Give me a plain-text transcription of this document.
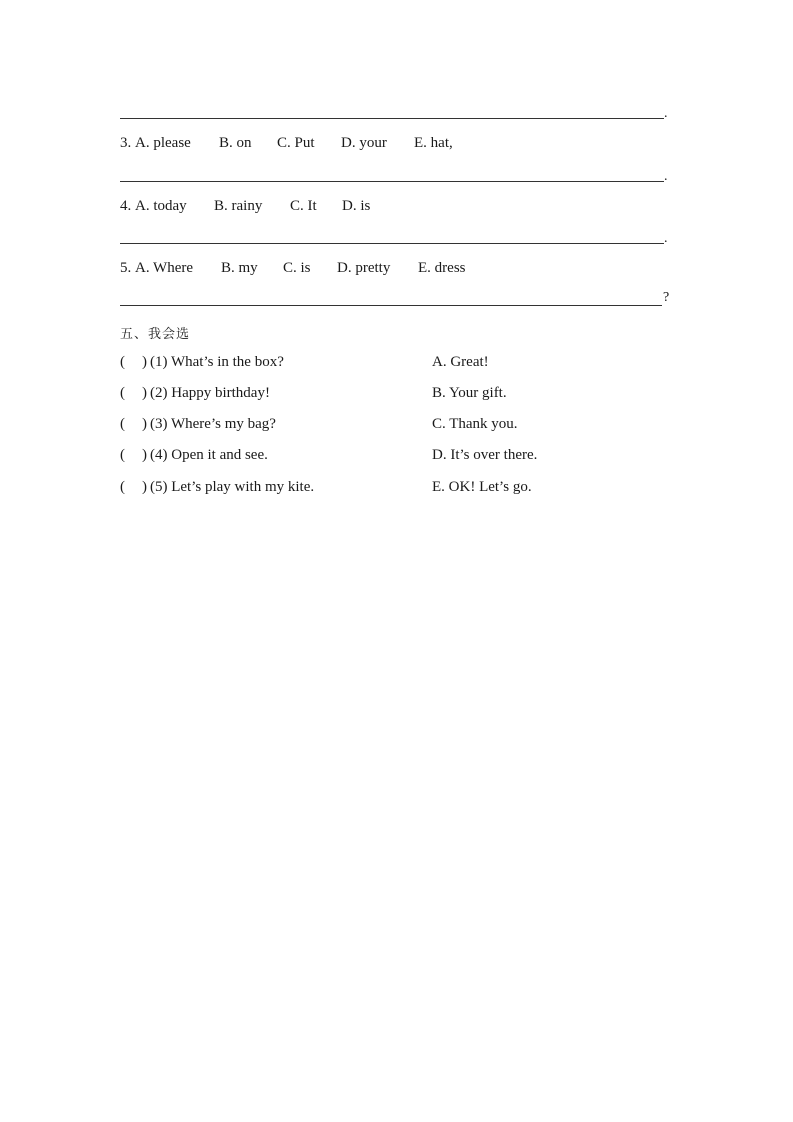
.
3. A. please B. on C. Put D. your E. hat,
.
4. A. today B. rainy C. It D. is
.
5. A. Where B. my C. is D. pretty E. dress
?
五、我会选
( ) (1) What’s in the box?	A. Great!
( ) (2) Happy birthday!	B. Your gift.
( ) (3) Where’s my bag?	C. Thank you.
( ) (4) Open it and see.	D. It’s over there.
( ) (5) Let’s play with my kite.	E. OK! Let’s go.
